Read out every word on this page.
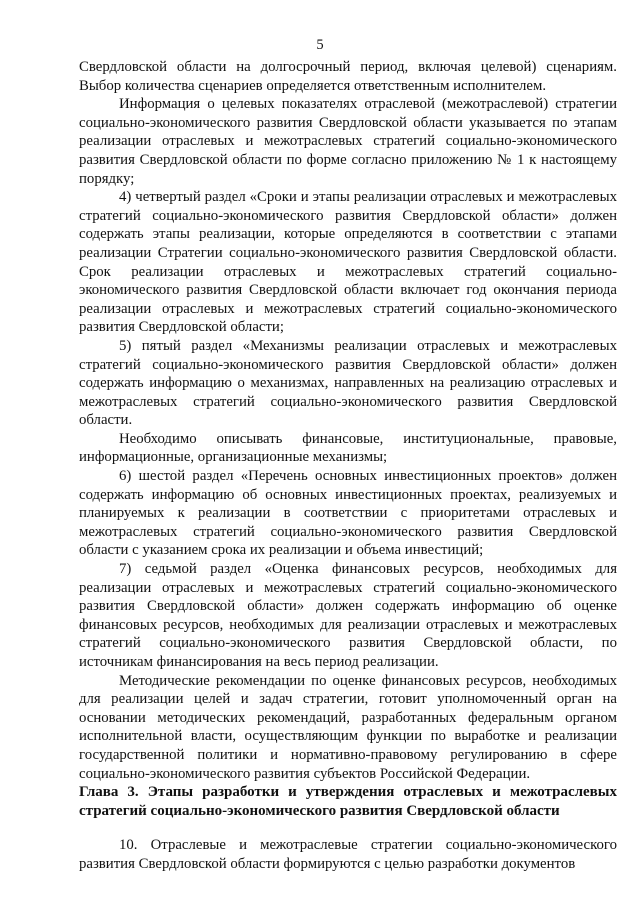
5

Свердловской области на долгосрочный период, включая целевой) сценариям. Выбор количества сценариев определяется ответственным исполнителем.

Информация о целевых показателях отраслевой (межотраслевой) стратегии социально-экономического развития Свердловской области указывается по этапам реализации отраслевых и межотраслевых стратегий социально-экономического развития Свердловской области по форме согласно приложению № 1 к настоящему порядку;

4) четвертый раздел «Сроки и этапы реализации отраслевых и межотраслевых стратегий социально-экономического развития Свердловской области» должен содержать этапы реализации, которые определяются в соответствии с этапами реализации Стратегии социально-экономического развития Свердловской области. Срок реализации отраслевых и межотраслевых стратегий социально-экономического развития Свердловской области включает год окончания периода реализации отраслевых и межотраслевых стратегий социально-экономического развития Свердловской области;

5) пятый раздел «Механизмы реализации отраслевых и межотраслевых стратегий социально-экономического развития Свердловской области» должен содержать информацию о механизмах, направленных на реализацию отраслевых и межотраслевых стратегий социально-экономического развития Свердловской области.

Необходимо описывать финансовые, институциональные, правовые, информационные, организационные механизмы;

6) шестой раздел «Перечень основных инвестиционных проектов» должен содержать информацию об основных инвестиционных проектах, реализуемых и планируемых к реализации в соответствии с приоритетами отраслевых и межотраслевых стратегий социально-экономического развития Свердловской области с указанием срока их реализации и объема инвестиций;

7) седьмой раздел «Оценка финансовых ресурсов, необходимых для реализации отраслевых и межотраслевых стратегий социально-экономического развития Свердловской области» должен содержать информацию об оценке финансовых ресурсов, необходимых для реализации отраслевых и межотраслевых стратегий социально-экономического развития Свердловской области, по источникам финансирования на весь период реализации.

Методические рекомендации по оценке финансовых ресурсов, необходимых для реализации целей и задач стратегии, готовит уполномоченный орган на основании методических рекомендаций, разработанных федеральным органом исполнительной власти, осуществляющим функции по выработке и реализации государственной политики и нормативно-правовому регулированию в сфере социально-экономического развития субъектов Российской Федерации.

Глава 3. Этапы разработки и утверждения отраслевых и межотраслевых стратегий социально-экономического развития Свердловской области

10. Отраслевые и межотраслевые стратегии социально-экономического развития Свердловской области формируются с целью разработки документов
